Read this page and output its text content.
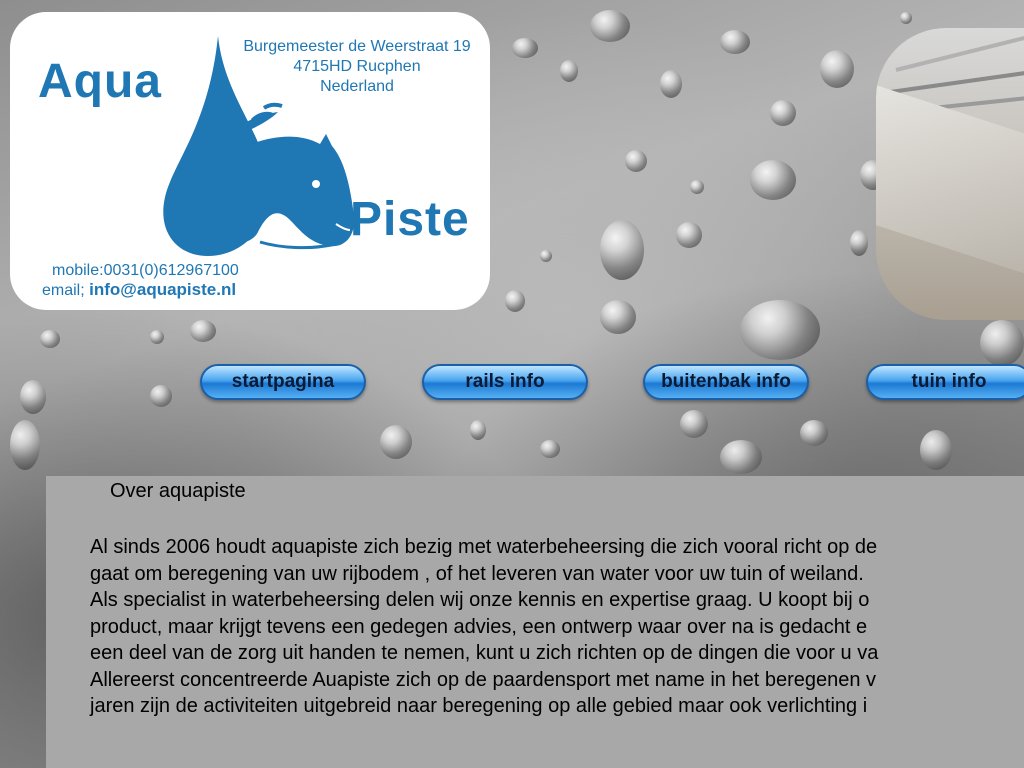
Aqua
Piste
Burgemeester de Weerstraat 19
4715HD Rucphen
Nederland
mobile:0031(0)612967100
email; info@aquapiste.nl
startpagina	rails info	buitenbak info	tuin info
Over aquapiste
Al sinds 2006 houdt aquapiste zich bezig met waterbeheersing die zich vooral richt op de
gaat om beregening van uw rijbodem , of het leveren van water voor uw tuin of weiland.
Als specialist in waterbeheersing delen wij onze kennis en expertise graag. U koopt bij o
product, maar krijgt tevens een gedegen advies, een ontwerp waar over na is gedacht e
een deel van de zorg uit handen te nemen, kunt u zich richten op de dingen die voor u va
Allereerst concentreerde Auapiste zich op de paardensport met name in het beregenen v
jaren zijn de activiteiten uitgebreid naar beregening op alle gebied maar ook verlichting i
